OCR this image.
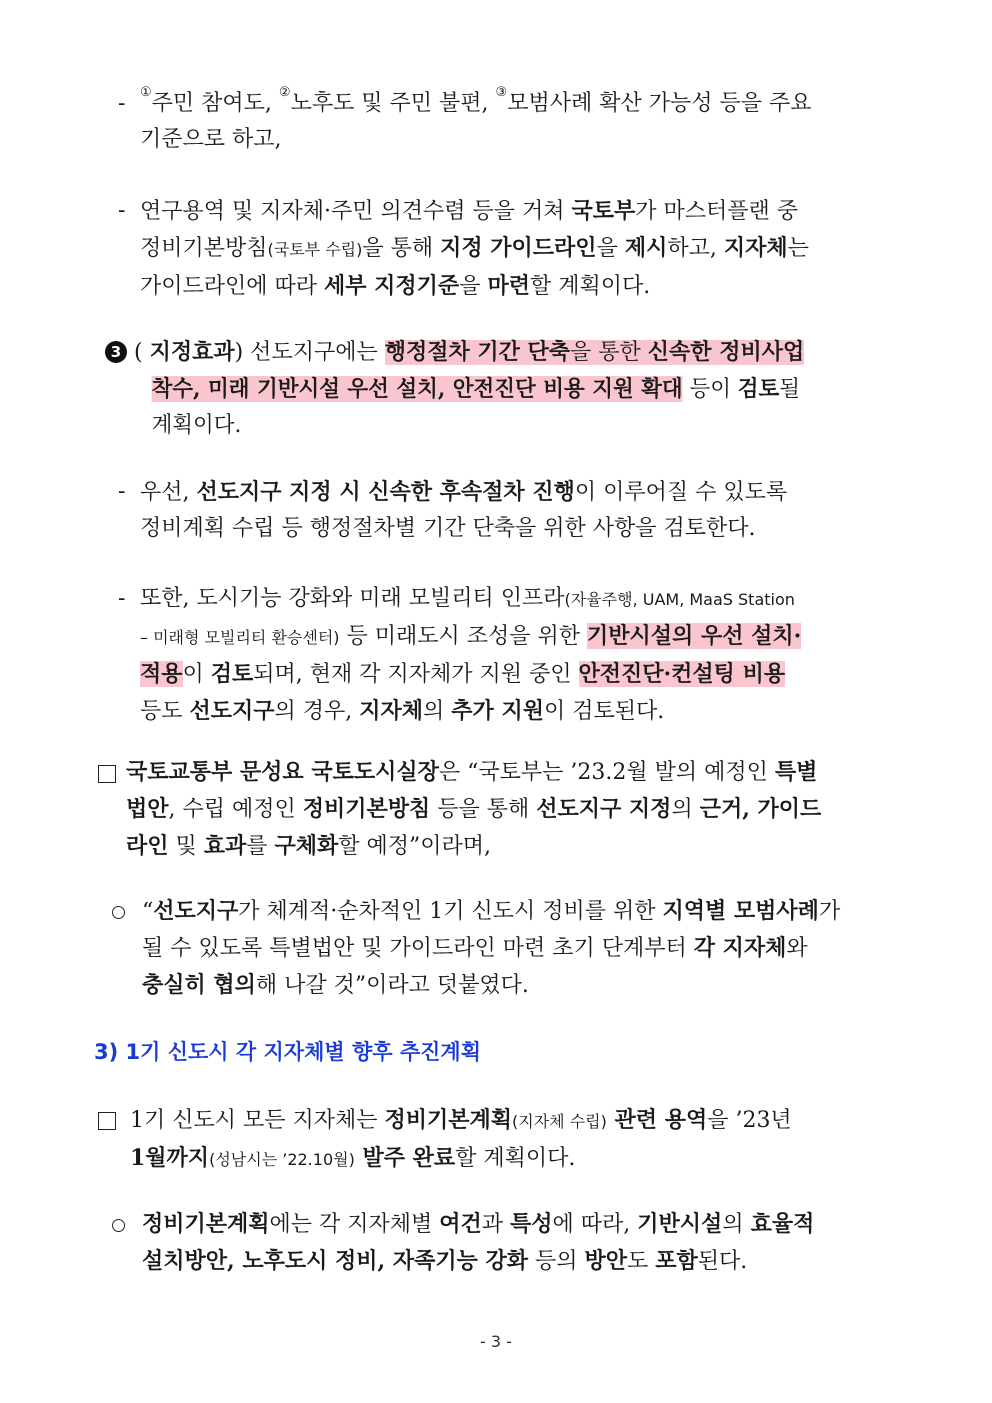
- ①주민 참여도, ②노후도 및 주민 불편, ③모범사례 확산 가능성 등을 주요
기준으로 하고,
- 연구용역 및 지자체·주민 의견수렴 등을 거쳐 국토부가 마스터플랜 중
정비기본방침(국토부 수립)을 통해 지정 가이드라인을 제시하고, 지자체는
가이드라인에 따라 세부 지정기준을 마련할 계획이다.
3 ( 지정효과) 선도지구에는 행정절차 기간 단축을 통한 신속한 정비사업
착수, 미래 기반시설 우선 설치, 안전진단 비용 지원 확대 등이 검토될
계획이다.
- 우선, 선도지구 지정 시 신속한 후속절차 진행이 이루어질 수 있도록
정비계획 수립 등 행정절차별 기간 단축을 위한 사항을 검토한다.
- 또한, 도시기능 강화와 미래 모빌리티 인프라(자율주행, UAM, MaaS Station
– 미래형 모빌리티 환승센터) 등 미래도시 조성을 위한 기반시설의 우선 설치·
적용이 검토되며, 현재 각 지자체가 지원 중인 안전진단·컨설팅 비용
등도 선도지구의 경우, 지자체의 추가 지원이 검토된다.
국토교통부 문성요 국토도시실장은 “국토부는 ’23.2월 발의 예정인 특별
법안, 수립 예정인 정비기본방침 등을 통해 선도지구 지정의 근거, 가이드
라인 및 효과를 구체화할 예정”이라며,
“선도지구가 체계적·순차적인 1기 신도시 정비를 위한 지역별 모범사례가
될 수 있도록 특별법안 및 가이드라인 마련 초기 단계부터 각 지자체와
충실히 협의해 나갈 것”이라고 덧붙였다.
3) 1기 신도시 각 지자체별 향후 추진계획
1기 신도시 모든 지자체는 정비기본계획(지자체 수립) 관련 용역을 ’23년
1월까지(성남시는 ’22.10월) 발주 완료할 계획이다.
정비기본계획에는 각 지자체별 여건과 특성에 따라, 기반시설의 효율적
설치방안, 노후도시 정비, 자족기능 강화 등의 방안도 포함된다.
- 3 -
